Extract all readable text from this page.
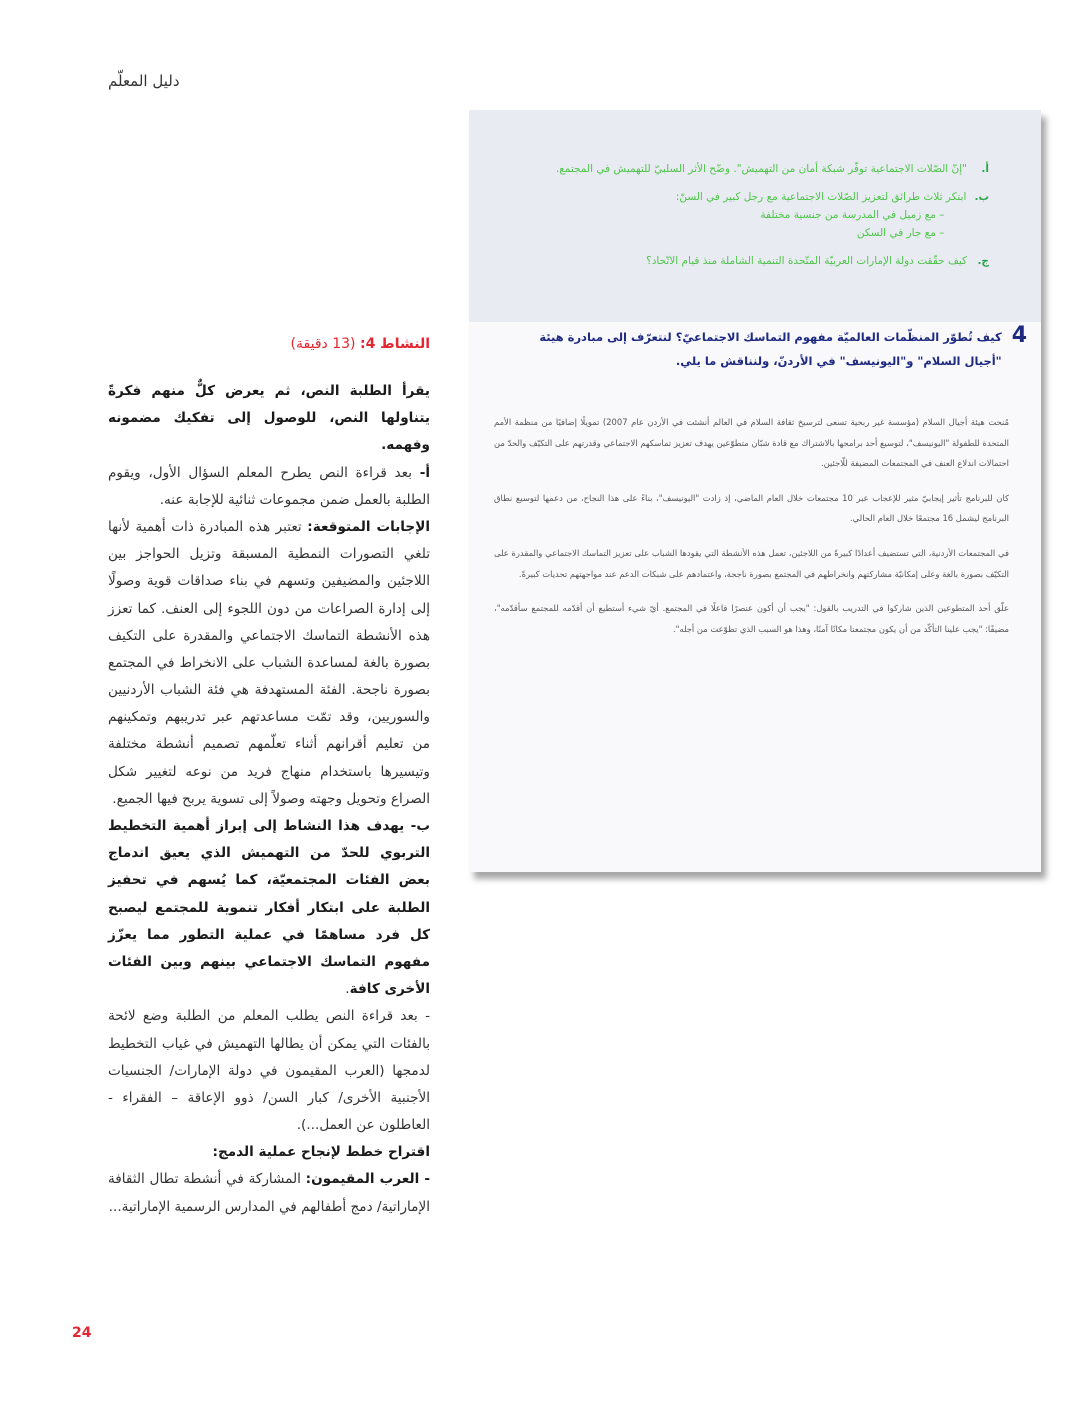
دليل المعلّم
أ.
"إنّ الصّلات الاجتماعية توفّر شبكة أمان من التهميش". وضّح الأثر السلبيّ للتهميش في المجتمع.
ب.
ابتكر ثلاث طرائق لتعزيز الصّلات الاجتماعية مع رجل كبير في السنّ:
– مع زميل في المدرسة من جنسية مختلفة
– مع جار في السكن
ج.
كيف حقّقت دولة الإمارات العربيّة المتّحدة التنمية الشاملة منذ قيام الاتّحاد؟
4
كيف تُطوّر المنظّمات العالميّة مفهوم التماسك الاجتماعيّ؟ لنتعرّف إلى مبادرة هيئة "أجيال السلام" و"اليونيسف" في الأردنّ، ولنناقش ما يلي.

مُنحت هيئة أجيال السلام (مؤسسة غير ربحية تسعى لترسيخ ثقافة السلام في العالم أنشئت في الأردن عام 2007) تمويلًا إضافيًا من منظمة الأمم المتحدة للطفولة "اليونيسف"، لتوسيع أحد برامجها بالاشتراك مع قادة شبّان متطوّعين يهدف تعزيز تماسكهم الاجتماعي وقدرتهم على التكيّف والحدّ من احتمالات اندلاع العنف في المجتمعات المضيفة للّاجئين.

كان للبرنامج تأثير إيجابيّ مثير للإعجاب عبر 10 مجتمعات خلال العام الماضي، إذ زادت "اليونيسف"، بناءً على هذا النجاح، من دعمها لتوسيع نطاق البرنامج ليشمل 16 مجتمعًا خلال العام الحالي.

في المجتمعات الأردنية، التي تستضيف أعدادًا كبيرةً من اللاجئين، تعمل هذه الأنشطة التي يقودها الشباب على تعزيز التماسك الاجتماعي والمقدرة على التكيّف بصورة بالغة وعلى إمكانيّة مشاركتهم وانخراطهم في المجتمع بصورة ناجحة، واعتمادهم على شبكات الدعم عند مواجهتهم تحديات كبيرةً.

علّق أحد المتطوعين الذين شاركوا في التدريب بالقول: "يجب أن أكون عنصرًا فاعلًا في المجتمع. أيّ شيء أستطيع أن أقدّمه للمجتمع سأقدّمه"، مضيفًا: "يجب علينا التأكّد من أن يكون مجتمعنا مكانًا آمنًا، وهذا هو السبب الذي تطوّعت من أجله".

النشاط 4: (13 دقيقة)

يقرأ الطلبة النص، ثم يعرض كلٌّ منهم فكرةً يتناولها النص، للوصول إلى تفكيك مضمونه وفهمه.

أ- بعد قراءة النص يطرح المعلم السؤال الأول، ويقوم الطلبة بالعمل ضمن مجموعات ثنائية للإجابة عنه.

الإجابات المتوقعة: تعتبر هذه المبادرة ذات أهمية لأنها تلغي التصورات النمطية المسبقة وتزيل الحواجز بين اللاجئين والمضيفين وتسهم في بناء صداقات قوية وصولًا إلى إدارة الصراعات من دون اللجوء إلى العنف. كما تعزز هذه الأنشطة التماسك الاجتماعي والمقدرة على التكيف بصورة بالغة لمساعدة الشباب على الانخراط في المجتمع بصورة ناجحة. الفئة المستهدفة هي فئة الشباب الأردنيين والسوريين، وقد تمّت مساعدتهم عبر تدريبهم وتمكينهم من تعليم أقرانهم أثناء تعلّمهم تصميم أنشطة مختلفة وتيسيرها باستخدام منهاج فريد من نوعه لتغيير شكل الصراع وتحويل وجهته وصولاً إلى تسوية يربح فيها الجميع.

ب- يهدف هذا النشاط إلى إبراز أهمية التخطيط التربوي للحدّ من التهميش الذي يعيق اندماج بعض الفئات المجتمعيّة، كما يُسهم في تحفيز الطلبة على ابتكار أفكار تنموية للمجتمع ليصبح كل فرد مساهمًا في عملية التطور مما يعزّز مفهوم التماسك الاجتماعي بينهم وبين الفئات الأخرى كافة.

- بعد قراءة النص يطلب المعلم من الطلبة وضع لائحة بالفئات التي يمكن أن يطالها التهميش في غياب التخطيط لدمجها (العرب المقيمون في دولة الإمارات/ الجنسيات الأجنبية الأخرى/ كبار السن/ ذوو الإعاقة – الفقراء - العاطلون عن العمل...).

اقتراح خطط لإنجاح عملية الدمج:

- العرب المقيمون: المشاركة في أنشطة تطال الثقافة الإماراتية/ دمج أطفالهم في المدارس الرسمية الإماراتية...

24
